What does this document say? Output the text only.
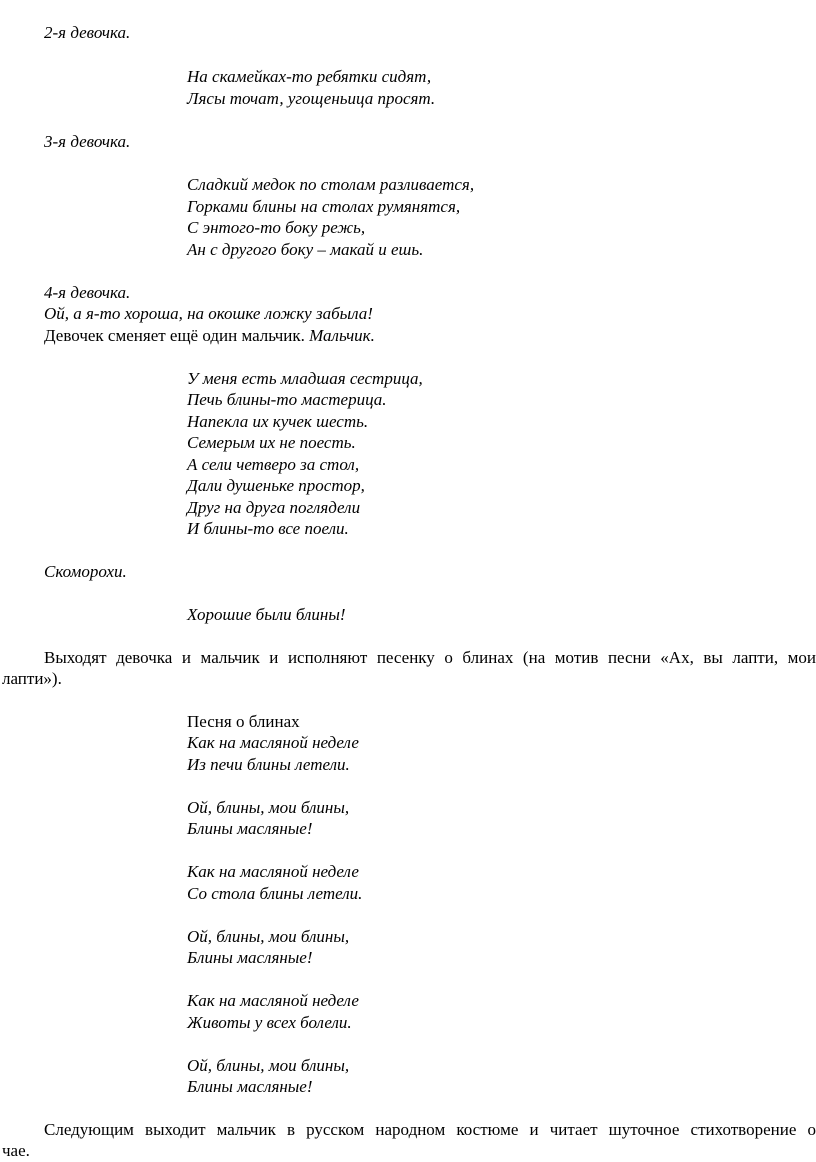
2-я девочка.
На скамейках-то ребятки сидят,
Лясы точат, угощеньица просят.
3-я девочка.
Сладкий медок по столам разливается,
Горками блины на столах румянятся,
С энтого-то боку режь,
Ан с другого боку – макай и ешь.
4-я девочка.
Ой, а я-то хороша, на окошке ложку забыла!
Девочек сменяет ещё один мальчик. Мальчик.
У меня есть младшая сестрица,
Печь блины-то мастерица.
Напекла их кучек шесть.
Семерым их не поесть.
А сели четверо за стол,
Дали душеньке простор,
Друг на друга поглядели
И блины-то все поели.
Скоморохи.
Хорошие были блины!
Выходят девочка и мальчик и исполняют песенку о блинах (на мотив песни «Ах, вы лапти, мои
лапти»).
Песня о блинах
Как на масляной неделе
Из печи блины летели.
Ой, блины, мои блины,
Блины масляные!
Как на масляной неделе
Со стола блины летели.
Ой, блины, мои блины,
Блины масляные!
Как на масляной неделе
Животы у всех болели.
Ой, блины, мои блины,
Блины масляные!
Следующим выходит мальчик в русском народном костюме и читает шуточное стихотворение о
чае.
